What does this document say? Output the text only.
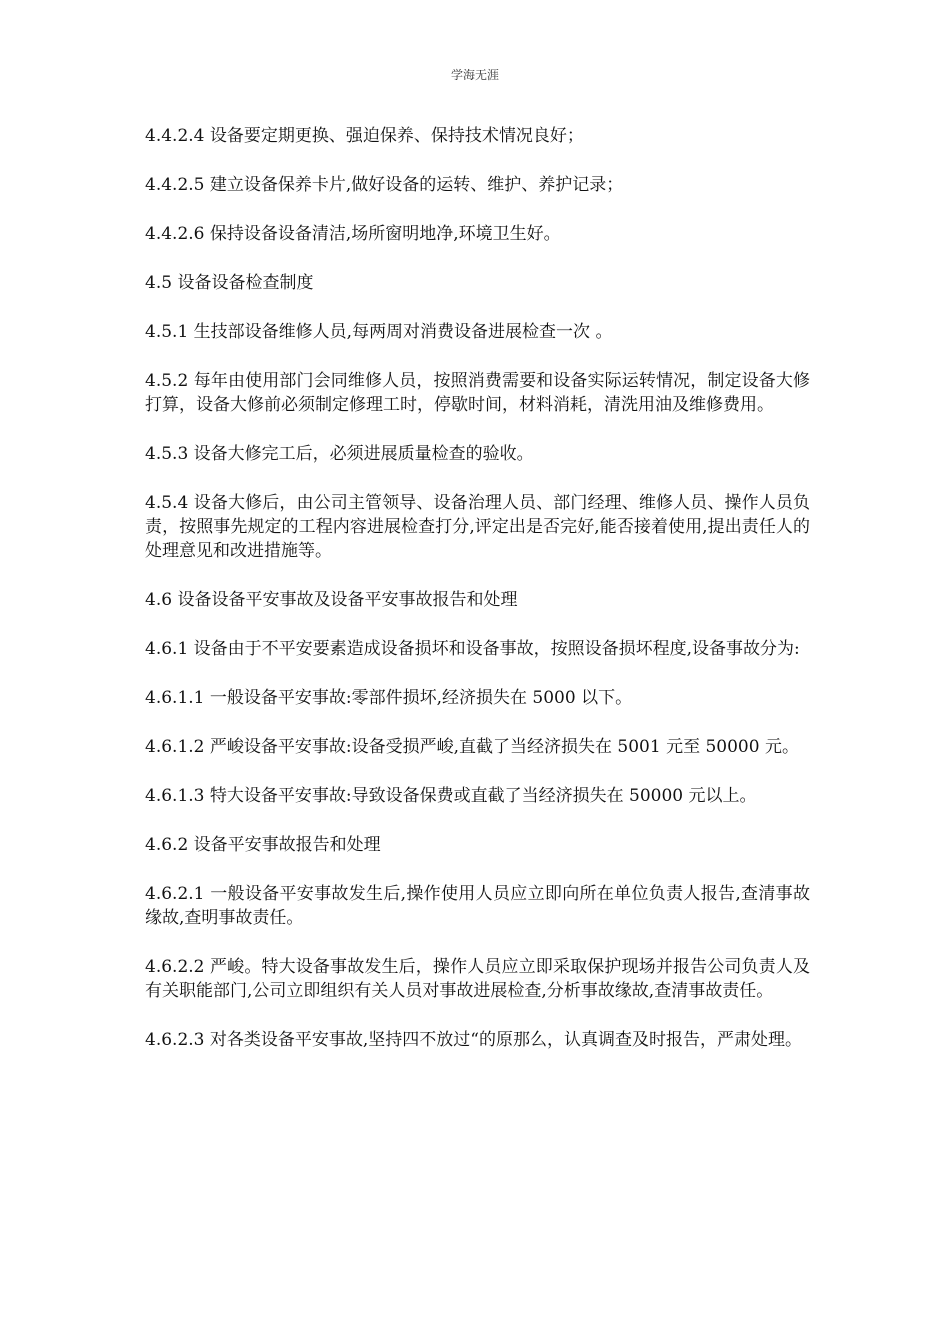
学海无涯

4.4.2.4 设备要定期更换、强迫保养、保持技术情况良好；

4.4.2.5 建立设备保养卡片,做好设备的运转、维护、养护记录；

4.4.2.6 保持设备设备清洁,场所窗明地净,环境卫生好。

4.5 设备设备检查制度

4.5.1 生技部设备维修人员,每两周对消费设备进展检查一次 。

4.5.2 每年由使用部门会同维修人员，按照消费需要和设备实际运转情况，制定设备大修打算，设备大修前必须制定修理工时，停歇时间，材料消耗，清洗用油及维修费用。

4.5.3 设备大修完工后，必须进展质量检查的验收。

4.5.4 设备大修后，由公司主管领导、设备治理人员、部门经理、维修人员、操作人员负责，按照事先规定的工程内容进展检查打分,评定出是否完好,能否接着使用,提出责任人的处理意见和改进措施等。

4.6 设备设备平安事故及设备平安事故报告和处理

4.6.1 设备由于不平安要素造成设备损坏和设备事故，按照设备损坏程度,设备事故分为:

4.6.1.1 一般设备平安事故:零部件损坏,经济损失在 5000 以下。

4.6.1.2 严峻设备平安事故:设备受损严峻,直截了当经济损失在 5001 元至 50000 元。

4.6.1.3 特大设备平安事故:导致设备保费或直截了当经济损失在 50000 元以上。

4.6.2 设备平安事故报告和处理

4.6.2.1 一般设备平安事故发生后,操作使用人员应立即向所在单位负责人报告,查清事故缘故,查明事故责任。

4.6.2.2 严峻。特大设备事故发生后，操作人员应立即采取保护现场并报告公司负责人及有关职能部门,公司立即组织有关人员对事故进展检查,分析事故缘故,查清事故责任。

4.6.2.3 对各类设备平安事故,坚持四不放过“的原那么，认真调查及时报告，严肃处理。
